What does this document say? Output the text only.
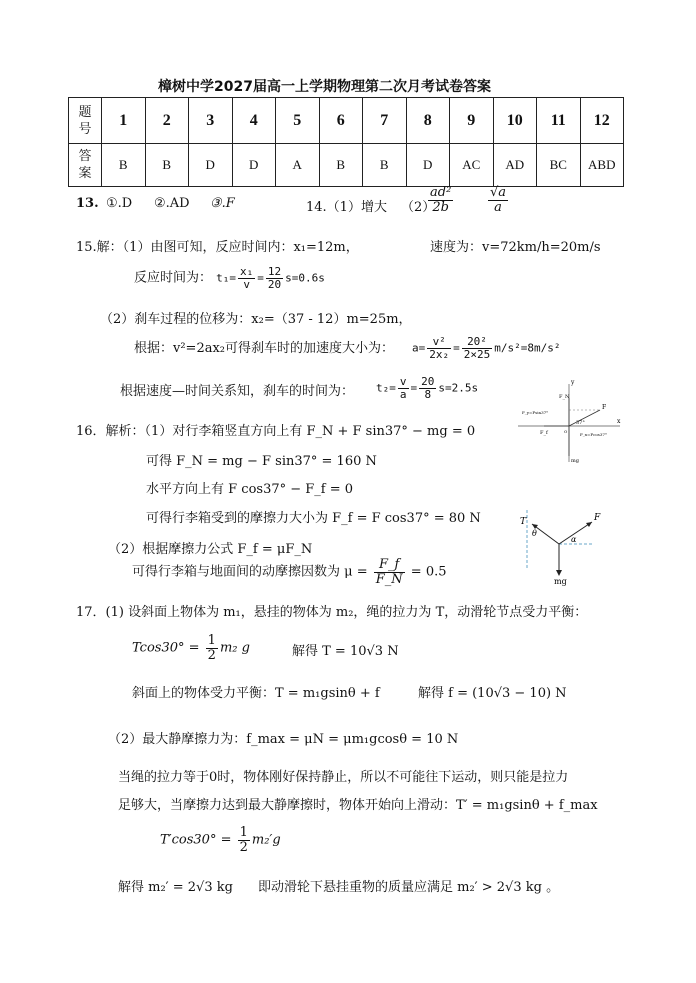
樟树中学2027届高一上学期物理第二次月考试卷答案
题
号	1	2	3	4	5	6	7	8	9	10	11	12
答
案	B	B	D	D	A	B	B	D	AC	AD	BC	ABD
13. ①.D ②.AD ③.F	14.（1）增大 （2）
$\frac{\text{ad²}}{2b}$	$\frac{√a}{a}$
15.解：（1）由图可知，反应时间内：x₁=12m，	速度为：v=72km/h=20m/s
反应时间为： $t_1= \frac{\text{x₁}}{v} = \frac{12}{20} s=0.6s$
（2）刹车过程的位移为：x₂=（37 - 12）m=25m，
根据：v²=2ax₂可得刹车时的加速度大小为： $a= \frac{\text{v²}}{\text{2x₂}} = \frac{\text{20²}}{2\times 25} m/s^2=8m/s^2$
根据速度—时间关系知，刹车的时间为： $t_2= \frac{v}{a} = \frac{20}{8} s=2.5s$
16．解析：（1）对行李箱竖直方向上有 F_N + F sin37° − mg = 0
可得 F_N = mg − F sin37° = 160 N
水平方向上有 F cos37° − F_f = 0
可得行李箱受到的摩擦力大小为 F_f = F cos37° = 80 N
（2）根据摩擦力公式 F_f = μF_N
可得行李箱与地面间的动摩擦因数为 $\mu = \frac{F\_f}{F\_N} = 0.5$
y
x
F_N
F
F_y=Fsin37°
F_x=Fcos37°
F_f
37°
mg
O
T	F
θ
α
mg
17．(1) 设斜面上物体为 m₁，悬挂的物体为 m₂，绳的拉力为 T，动滑轮节点受力平衡：
$Tcos30^\circ = \frac{1}{2} m_2$ g	解得 T = 10√3 N
斜面上的物体受力平衡：T = m₁gsinθ + f	解得 f = (10√3 − 10) N
（2）最大静摩擦力为：f_max = μN = μm₁gcosθ = 10 N
当绳的拉力等于0时，物体刚好保持静止，所以不可能往下运动，则只能是拉力
足够大，当摩擦力达到最大静摩擦时，物体开始向上滑动：T′ = m₁gsinθ + f_max
$T'\cos 30^\circ = \frac{1}{2} m_2'g$
解得 m₂′ = 2√3 kg 即动滑轮下悬挂重物的质量应满足 m₂′ > 2√3 kg 。
